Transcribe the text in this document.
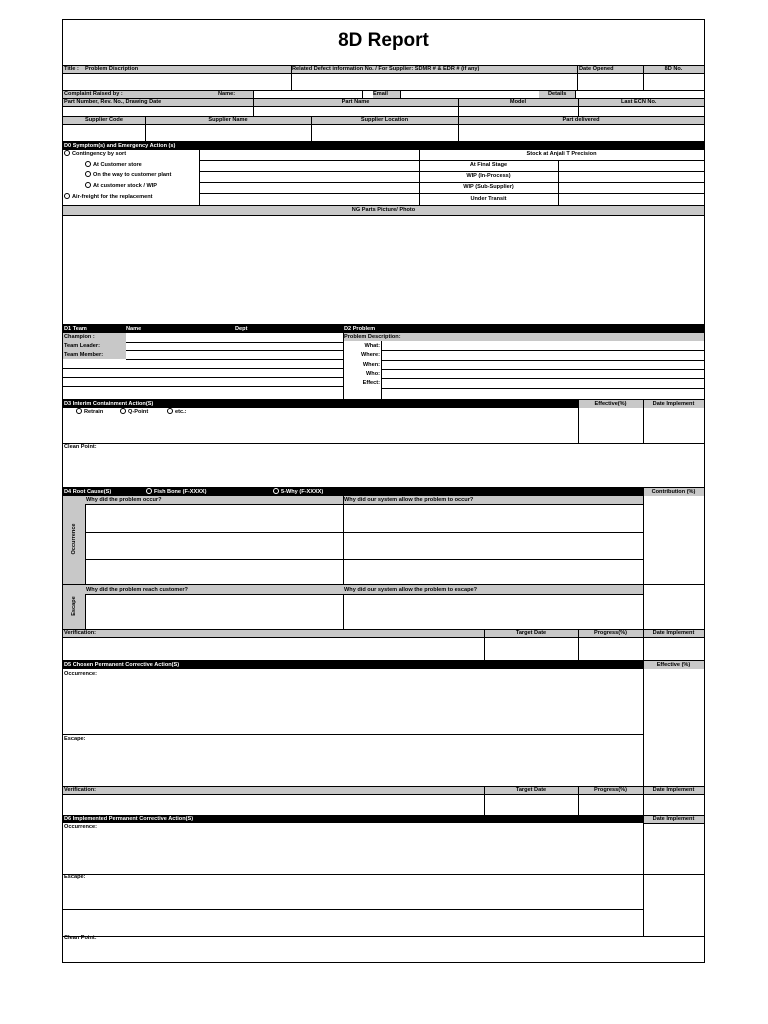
8D Report
Title : Problem Discription	Related Defect information No. / For Supplier: SDMR # & EDR # (if any)	Date Opened	8D No.
Complaint Raised by :	Name:	Email	Details
Part Number, Rev. No., Drawing Date	Part Name	Model	Last ECN No.
Supplier Code	Supplier Name	Supplier Location	Part delivered
D0 Symptom(s) and Emergency Action (s)
Contingency by sort
At Customer store
On the way to customer plant
At customer stock / WIP
Air-freight for the replacement
Stock at Anjali T Precision
At Final Stage
WIP (In-Process)
WIP (Sub-Supplier)
Under Transit
NG Parts Picture/ Photo
D1 Team	Name	Dept	D2 Problem
Champion :
Team Leader:
Team Member:
Problem Description:
What:
Where:
When:
Who:
Effect:
D3 Interim Containment Action(S)	Effective(%)	Date Implement
Retrain	Q-Point	etc.:
Clean Point:
D4 Root Cause(S)	Fish Bone (F-XXXX)	5-Why (F-XXXX)	Contribution (%)
Occurrence
Why did the problem occur?	Why did our system allow the problem to occur?
Escape
Why did the problem reach customer?	Why did our system allow the problem to escape?
Verification:	Target Date	Progress(%)	Date Implement
D5 Chosen Permanent Corrective Action(S)	Effective (%)
Occurrence:
Escape:
Verification:	Target Date	Progress(%)	Date Implement
D6 Implemented Permanent Corrective Action(S)	Date Implement
Occurrence:
Escape:
Clean Point:
